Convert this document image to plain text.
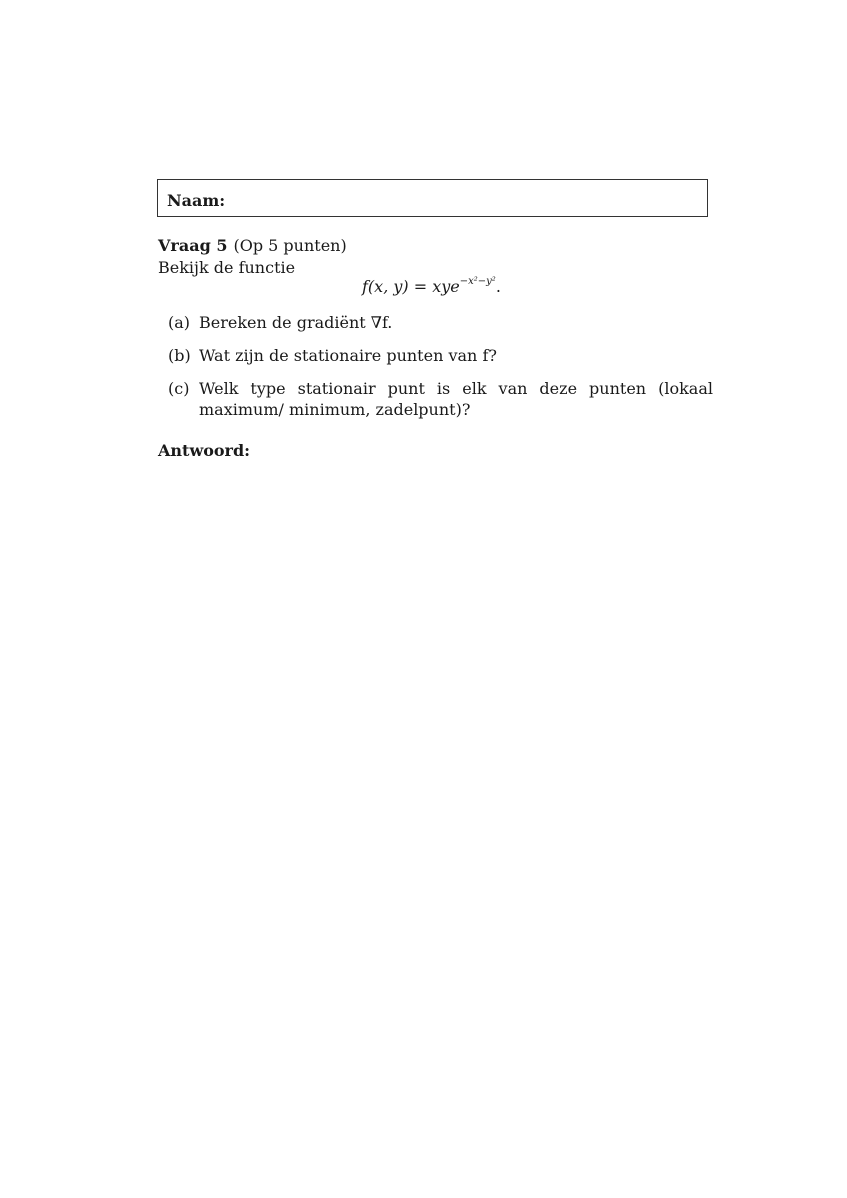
Naam:
Vraag 5 (Op 5 punten)
Bekijk de functie
f(x, y) = xye$^{-x^2-y^2}$.
(a) Bereken de gradiënt ∇f.
(b) Wat zijn de stationaire punten van f?
(c) Welk type stationair punt is elk van deze punten (lokaal maximum/ minimum, zadelpunt)?
Antwoord:
